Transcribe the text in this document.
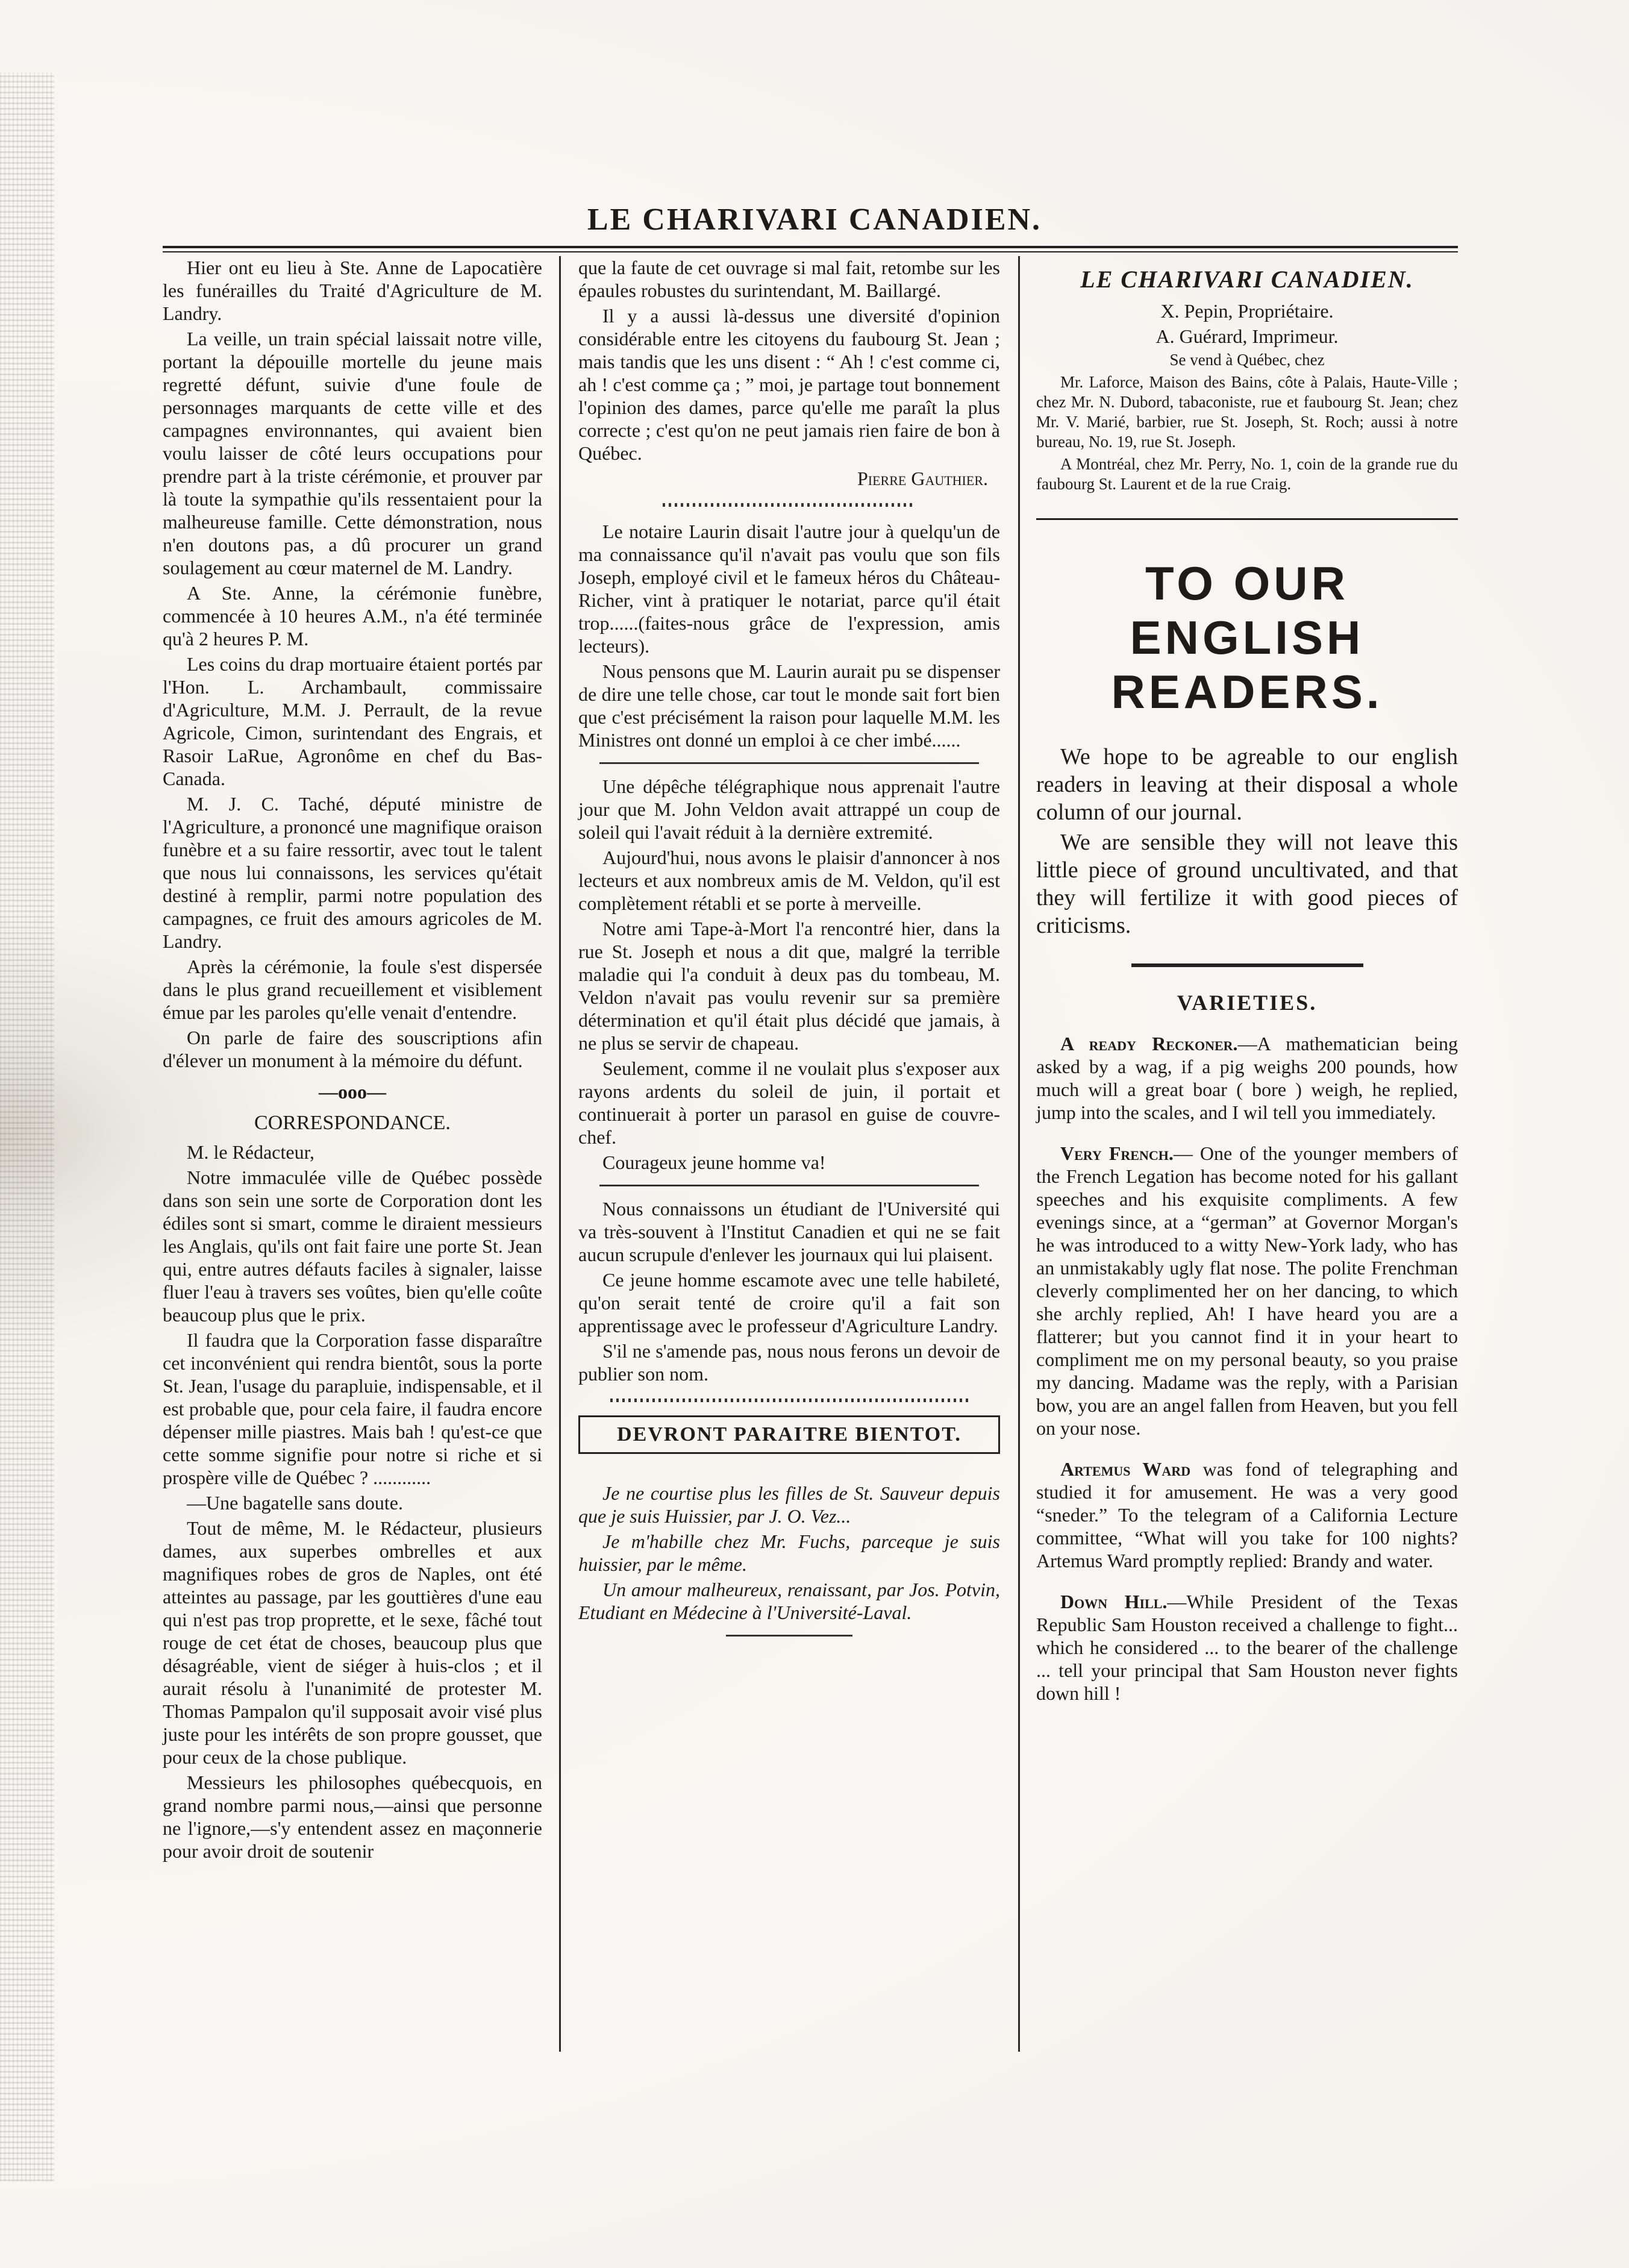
LE CHARIVARI CANADIEN.

Hier ont eu lieu à Ste. Anne de Lapocatière les funérailles du Traité d'Agriculture de M. Landry.

La veille, un train spécial laissait notre ville, portant la dépouille mortelle du jeune mais regretté défunt, suivie d'une foule de personnages marquants de cette ville et des campagnes environnantes, qui avaient bien voulu laisser de côté leurs occupations pour prendre part à la triste cérémonie, et prouver par là toute la sympathie qu'ils ressentaient pour la malheureuse famille. Cette démonstration, nous n'en doutons pas, a dû procurer un grand soulagement au cœur maternel de M. Landry.

A Ste. Anne, la cérémonie funèbre, commencée à 10 heures A.M., n'a été terminée qu'à 2 heures P. M.

Les coins du drap mortuaire étaient portés par l'Hon. L. Archambault, commissaire d'Agriculture, M.M. J. Perrault, de la revue Agricole, Cimon, surintendant des Engrais, et Rasoir LaRue, Agronôme en chef du Bas-Canada.

M. J. C. Taché, député ministre de l'Agriculture, a prononcé une magnifique oraison funèbre et a su faire ressortir, avec tout le talent que nous lui connaissons, les services qu'était destiné à remplir, parmi notre population des campagnes, ce fruit des amours agricoles de M. Landry.

Après la cérémonie, la foule s'est dispersée dans le plus grand recueillement et visiblement émue par les paroles qu'elle venait d'entendre.

On parle de faire des souscriptions afin d'élever un monument à la mémoire du défunt.

—ooo—

CORRESPONDANCE.

M. le Rédacteur,

Notre immaculée ville de Québec possède dans son sein une sorte de Corporation dont les édiles sont si smart, comme le diraient messieurs les Anglais, qu'ils ont fait faire une porte St. Jean qui, entre autres défauts faciles à signaler, laisse fluer l'eau à travers ses voûtes, bien qu'elle coûte beaucoup plus que le prix.

Il faudra que la Corporation fasse disparaître cet inconvénient qui rendra bientôt, sous la porte St. Jean, l'usage du parapluie, indispensable, et il est probable que, pour cela faire, il faudra encore dépenser mille piastres. Mais bah ! qu'est-ce que cette somme signifie pour notre si riche et si prospère ville de Québec ? ............

—Une bagatelle sans doute.

Tout de même, M. le Rédacteur, plusieurs dames, aux superbes ombrelles et aux magnifiques robes de gros de Naples, ont été atteintes au passage, par les gouttières d'une eau qui n'est pas trop proprette, et le sexe, fâché tout rouge de cet état de choses, beaucoup plus que désagréable, vient de siéger à huis-clos ; et il aurait résolu à l'unanimité de protester M. Thomas Pampalon qu'il supposait avoir visé plus juste pour les intérêts de son propre gousset, que pour ceux de la chose publique.

Messieurs les philosophes québecquois, en grand nombre parmi nous,—ainsi que personne ne l'ignore,—s'y entendent assez en maçonnerie pour avoir droit de soutenir

que la faute de cet ouvrage si mal fait, retombe sur les épaules robustes du surintendant, M. Baillargé.

Il y a aussi là-dessus une diversité d'opinion considérable entre les citoyens du faubourg St. Jean ; mais tandis que les uns disent : “ Ah ! c'est comme ci, ah ! c'est comme ça ; ” moi, je partage tout bonnement l'opinion des dames, parce qu'elle me paraît la plus correcte ; c'est qu'on ne peut jamais rien faire de bon à Québec.

Pierre Gauthier.

Le notaire Laurin disait l'autre jour à quelqu'un de ma connaissance qu'il n'avait pas voulu que son fils Joseph, employé civil et le fameux héros du Château-Richer, vint à pratiquer le notariat, parce qu'il était trop......(faites-nous grâce de l'expression, amis lecteurs).

Nous pensons que M. Laurin aurait pu se dispenser de dire une telle chose, car tout le monde sait fort bien que c'est précisément la raison pour laquelle M.M. les Ministres ont donné un emploi à ce cher imbé......

Une dépêche télégraphique nous apprenait l'autre jour que M. John Veldon avait attrappé un coup de soleil qui l'avait réduit à la dernière extremité.

Aujourd'hui, nous avons le plaisir d'annoncer à nos lecteurs et aux nombreux amis de M. Veldon, qu'il est complètement rétabli et se porte à merveille.

Notre ami Tape-à-Mort l'a rencontré hier, dans la rue St. Joseph et nous a dit que, malgré la terrible maladie qui l'a conduit à deux pas du tombeau, M. Veldon n'avait pas voulu revenir sur sa première détermination et qu'il était plus décidé que jamais, à ne plus se servir de chapeau.

Seulement, comme il ne voulait plus s'exposer aux rayons ardents du soleil de juin, il portait et continuerait à porter un parasol en guise de couvre-chef.

Courageux jeune homme va!

Nous connaissons un étudiant de l'Université qui va très-souvent à l'Institut Canadien et qui ne se fait aucun scrupule d'enlever les journaux qui lui plaisent.

Ce jeune homme escamote avec une telle habileté, qu'on serait tenté de croire qu'il a fait son apprentissage avec le professeur d'Agriculture Landry.

S'il ne s'amende pas, nous nous ferons un devoir de publier son nom.

DEVRONT PARAITRE BIENTOT.

Je ne courtise plus les filles de St. Sauveur depuis que je suis Huissier, par J. O. Vez...

Je m'habille chez Mr. Fuchs, parceque je suis huissier, par le même.

Un amour malheureux, renaissant, par Jos. Potvin, Etudiant en Médecine à l'Université-Laval.

LE CHARIVARI CANADIEN.

X. Pepin, Propriétaire.

A. Guérard, Imprimeur.

Se vend à Québec, chez

Mr. Laforce, Maison des Bains, côte à Palais, Haute-Ville ; chez Mr. N. Dubord, tabaconiste, rue et faubourg St. Jean; chez Mr. V. Marié, barbier, rue St. Joseph, St. Roch; aussi à notre bureau, No. 19, rue St. Joseph.

A Montréal, chez Mr. Perry, No. 1, coin de la grande rue du faubourg St. Laurent et de la rue Craig.

TO OUR ENGLISH
READERS.

We hope to be agreable to our english readers in leaving at their disposal a whole column of our journal.

We are sensible they will not leave this little piece of ground uncultivated, and that they will fertilize it with good pieces of criticisms.

VARIETIES.

A ready Reckoner.—A mathematician being asked by a wag, if a pig weighs 200 pounds, how much will a great boar ( bore ) weigh, he replied, jump into the scales, and I wil tell you immediately.

Very French.— One of the younger members of the French Legation has become noted for his gallant speeches and his exquisite compliments. A few evenings since, at a “german” at Governor Morgan's he was introduced to a witty New-York lady, who has an unmistakably ugly flat nose. The polite Frenchman cleverly complimented her on her dancing, to which she archly replied, Ah! I have heard you are a flatterer; but you cannot find it in your heart to compliment me on my personal beauty, so you praise my dancing. Madame was the reply, with a Parisian bow, you are an angel fallen from Heaven, but you fell on your nose.

Artemus Ward was fond of telegraphing and studied it for amusement. He was a very good “sneder.” To the telegram of a California Lecture committee, “What will you take for 100 nights? Artemus Ward promptly replied: Brandy and water.

Down Hill.—While President of the Texas Republic Sam Houston received a challenge to fight... which he considered ... to the bearer of the challenge ... tell your principal that Sam Houston never fights down hill !
